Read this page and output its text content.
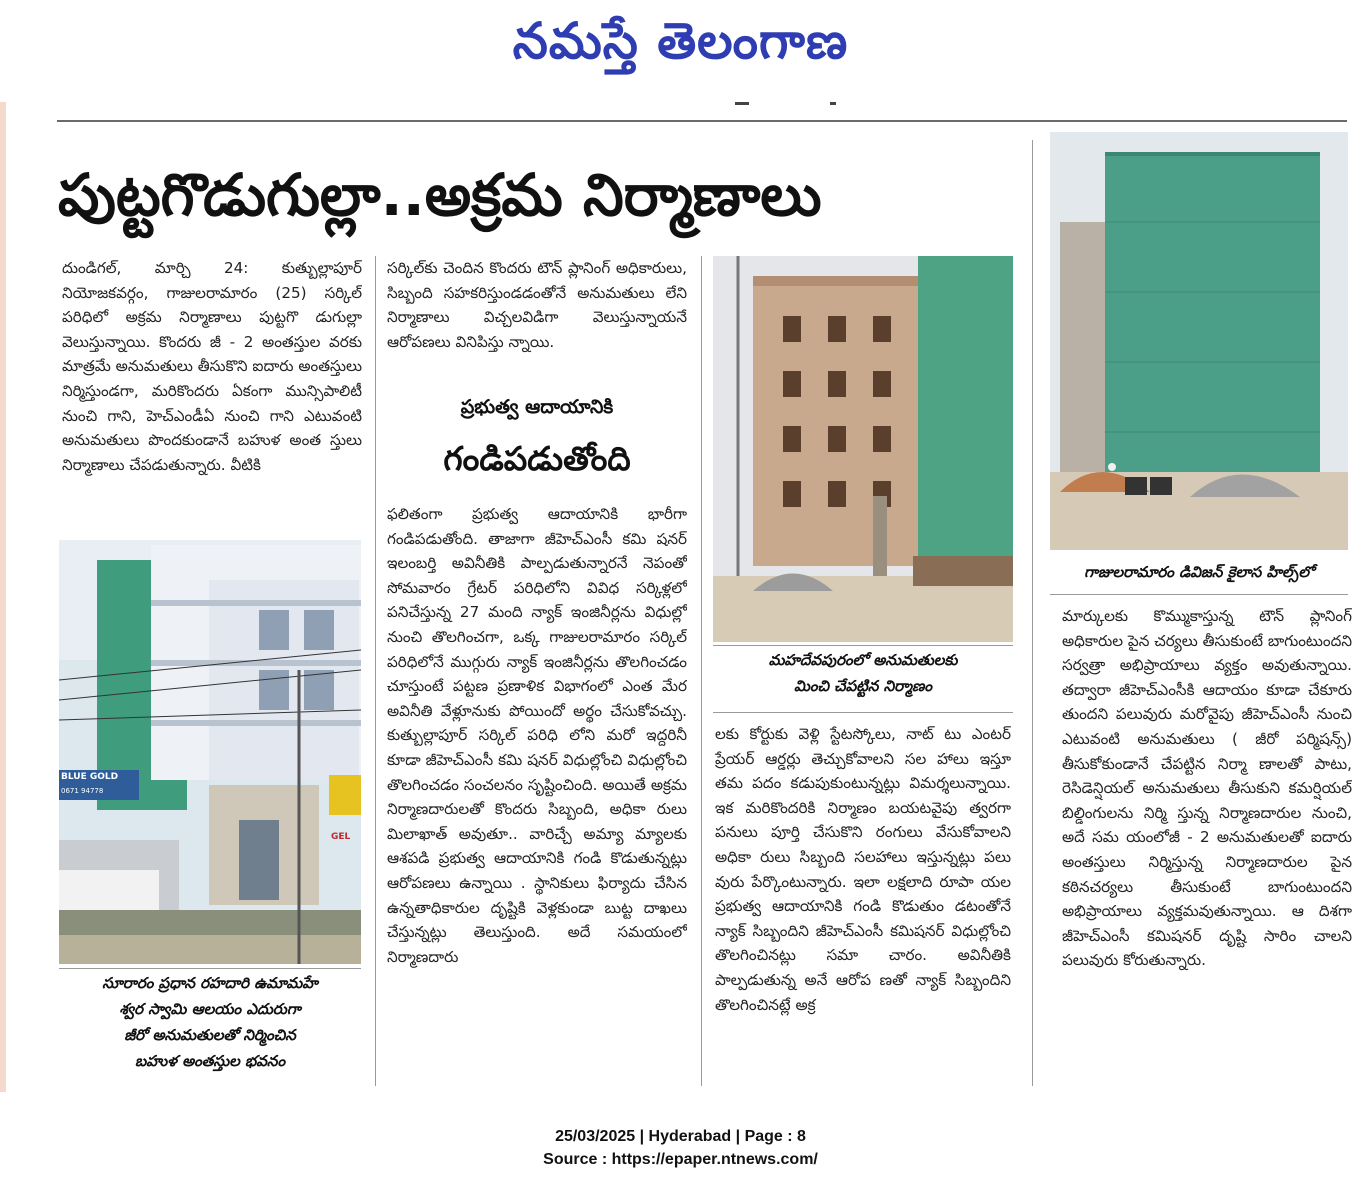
నమస్తే తెలంగాణ
పుట్టగొడుగుల్లా..అక్రమ నిర్మాణాలు

దుండిగల్, మార్చి 24: కుత్బుల్లాపూర్ నియోజకవర్గం, గాజులరామారం (25) సర్కిల్ పరిధిలో అక్రమ నిర్మాణాలు పుట్టగొ డుగుల్లా వెలుస్తున్నాయి. కొందరు జీ - 2 అంతస్తుల వరకు మాత్రమే అనుమతులు తీసుకొని ఐదారు అంతస్తులు నిర్మిస్తుండగా, మరికొందరు ఏకంగా మున్సిపాలిటీ నుంచి గాని, హెచ్ఎండీఏ నుంచి గాని ఎటువంటి అనుమతులు పొందకుండానే బహుళ అంత స్తులు నిర్మాణాలు చేపడుతున్నారు. వీటికి

BLUE GOLD
0671 94778
GEL
సూరారం ప్రధాన రహదారి ఉమామహే
శ్వర స్వామి ఆలయం ఎదురుగా
జీరో అనుమతులతో నిర్మించిన
బహుళ అంతస్తుల భవనం

సర్కిల్‌కు చెందిన కొందరు టౌన్ ప్లానింగ్ అధికారులు, సిబ్బంది సహకరిస్తుండడంతోనే అనుమతులు లేని నిర్మాణాలు విచ్చలవిడిగా వెలుస్తున్నాయనే ఆరోపణలు వినిపిస్తు న్నాయి.

ప్రభుత్వ ఆదాయానికి
గండిపడుతోంది

ఫలితంగా ప్రభుత్వ ఆదాయానికి భారీగా గండిపడుతోంది. తాజాగా జీహెచ్ఎంసీ కమి షనర్ ఇలంబర్తి అవినీతికి పాల్పడుతున్నారనే నెపంతో సోమవారం గ్రేటర్ పరిధిలోని వివిధ సర్కిళ్లలో పనిచేస్తున్న 27 మంది న్యాక్ ఇంజినీర్లను విధుల్లో నుంచి తొలగించగా, ఒక్క గాజులరామారం సర్కిల్ పరిధిలోనే ముగ్గురు న్యాక్ ఇంజినీర్లను తొలగించడం చూస్తుంటే పట్టణ ప్రణాళిక విభాగంలో ఎంత మేర అవినీతి వేళ్లూనుకు పోయిందో అర్థం చేసుకోవచ్చు. కుత్బుల్లాపూర్ సర్కిల్ పరిధి లోని మరో ఇద్దరినీ కూడా జీహెచ్ఎంసీ కమి షనర్ విధుల్లోంచి విధుల్లోంచి తొలగించడం సంచలనం సృష్టించింది. అయితే అక్రమ నిర్మాణదారులతో కొందరు సిబ్బంది, అధికా రులు మిలాఖాత్ అవుతూ.. వారిచ్చే అమ్యా మ్యాలకు ఆశపడి ప్రభుత్వ ఆదాయానికి గండి కొడుతున్నట్లు ఆరోపణలు ఉన్నాయి . స్థానికులు ఫిర్యాదు చేసిన ఉన్నతాధికారుల దృష్టికి వెళ్లకుండా బుట్ట దాఖలు చేస్తున్నట్లు తెలుస్తుంది. అదే సమయంలో నిర్మాణదారు

మహదేవపురంలో అనుమతులకు
మించి చేపట్టిన నిర్మాణం

లకు కోర్టుకు వెళ్లి స్టేటస్కోలు, నాట్ టు ఎంటర్ ప్రేయర్ ఆర్డర్లు తెచ్చుకోవాలని సల హాలు ఇస్తూ తమ పదం కడుపుకుంటున్నట్లు విమర్శలున్నాయి. ఇక మరికొందరికి నిర్మాణం బయటవైపు త్వరగా పనులు పూర్తి చేసుకొని రంగులు వేసుకోవాలని అధికా రులు సిబ్బంది సలహాలు ఇస్తున్నట్లు పలు వురు పేర్కొంటున్నారు. ఇలా లక్షలాది రూపా యల ప్రభుత్వ ఆదాయానికి గండి కొడుతుం డటంతోనే న్యాక్ సిబ్బందిని జీహెచ్ఎంసీ కమిషనర్ విధుల్లోంచి తొలగించినట్లు సమా చారం. అవినీతికి పాల్పడుతున్న అనే ఆరోప ణతో న్యాక్ సిబ్బందిని తొలగించినట్లే అక్ర

గాజులరామారం డివిజన్ కైలాస హిల్స్‌లో

మార్కులకు కొమ్ముకాస్తున్న టౌన్ ప్లానింగ్ అధికారుల పైన చర్యలు తీసుకుంటే బాగుంటుందని సర్వత్రా అభిప్రాయాలు వ్యక్తం అవుతున్నాయి. తద్వారా జీహెచ్ఎంసీకి ఆదాయం కూడా చేకూరు తుందని పలువురు మరోవైపు జీహెచ్ఎంసీ నుంచి ఎటువంటి అనుమతులు ( జీరో పర్మిషన్స్) తీసుకోకుండానే చేపట్టిన నిర్మా ణాలతో పాటు, రెసిడెన్షియల్ అనుమతులు తీసుకుని కమర్షియల్ బిల్డింగులను నిర్మి స్తున్న నిర్మాణదారుల నుంచి, అదే సమ యంలోజీ - 2 అనుమతులతో ఐదారు అంతస్తులు నిర్మిస్తున్న నిర్మాణదారుల పైన కఠినచర్యలు తీసుకుంటే బాగుంటుందని అభిప్రాయాలు వ్యక్తమవుతున్నాయి. ఆ దిశగా జీహెచ్ఎంసీ కమిషనర్ దృష్టి సారిం చాలని పలువురు కోరుతున్నారు.

25/03/2025 | Hyderabad | Page : 8
Source : https://epaper.ntnews.com/
